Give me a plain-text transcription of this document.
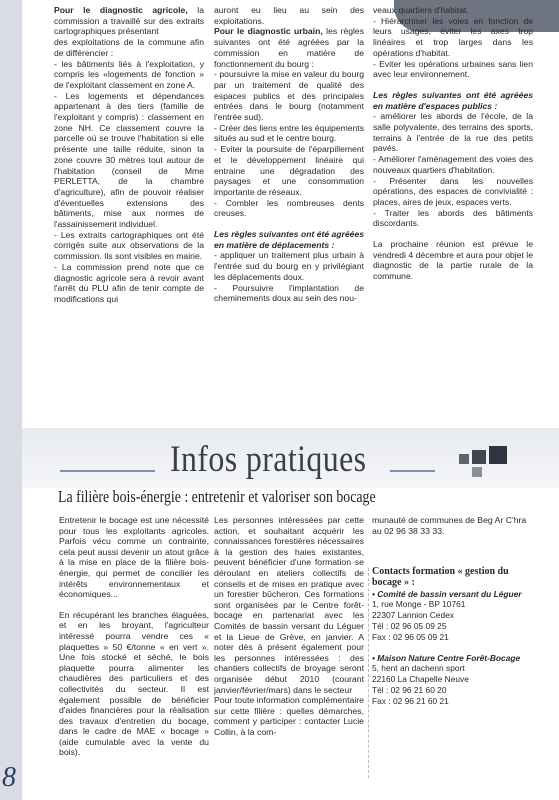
Pour le diagnostic agricole, la commission a travaillé sur des extraits cartographiques présentant

des exploitations de la commune afin de différencier :

- les bâtiments liés à l'exploitation, y compris les «logements de fonction » de l'exploitant classement en zone A.

- Les logements et dépendances appartenant à des tiers (famille de l'exploitant y compris) : classement en zone NH. Ce classement couvre la parcelle où se trouve l'habitation si elle présente une taille réduite, sinon la zone couvre 30 mètres tout autour de l'habitation (conseil de Mme PERLETTA, de la chambre d'agriculture), afin de pouvoir réaliser d'éventuelles extensions des bâtiments, mise aux normes de l'assainissement individuel.

- Les extraits cartographiques ont été corrigés suite aux observations de la commission. Ils sont visibles en mairie.

- La commission prend note que ce diagnostic agricole sera à revoir avant l'arrêt du PLU afin de tenir compte de modifications qui

auront eu lieu au sein des exploitations.

Pour le diagnostic urbain, les règles suivantes ont été agréées par la commission en matière de fonctionnement du bourg :

- poursuivre la mise en valeur du bourg par un traitement de qualité des espaces publics et des principales entrées dans le bourg (notamment l'entrée sud).

- Créer des liens entre les équipements situés au sud et le centre bourg.

- Eviter la poursuite de l'éparpillement et le développement linéaire qui entraine une dégradation des paysages et une consommation importante de réseaux.

- Combler les nombreuses dents creuses.

Les règles suivantes ont été agréées en matière de déplacements :

- appliquer un traitement plus urbain à l'entrée sud du bourg en y privilégiant les déplacements doux.

- Poursuivre l'implantation de cheminements doux au sein des nou-

veaux quartiers d'habitat.

- Hiérarchiser les voies en fonction de leurs usages, éviter les axes trop linéaires et trop larges dans les opérations d'habitat.

- Eviter les opérations urbaines sans lien avec leur environnement.

Les règles suivantes ont été agréées en matière d'espaces publics :

- améliorer les abords de l'école, de la salle polyvalente, des terrains des sports, terrains à l'entrée de la rue des petits pavés.

- Améliorer l'aménagement des voies des nouveaux quartiers d'habitation.

- Présenter dans les nouvelles opérations, des espaces de convivialité : places, aires de jeux, espaces verts.

- Traiter les abords des bâtiments discordants.

La prochaine réunion est prévue le vendredi 4 décembre et aura pour objet le diagnostic de la partie rurale de la commune.

Infos pratiques
La filière bois-énergie : entretenir et valoriser son bocage

Entretenir le bocage est une nécessité pour tous les exploitants agricoles. Parfois vécu comme un contrainte, cela peut aussi devenir un atout grâce à la mise en place de la filière bois-énergie, qui permet de concilier les intérêts environnementaux et économiques...

En récupérant les branches élaguées, et en les broyant, l'agriculteur intéressé pourra vendre ces « plaquettes » 50 €/tonne « en vert ». Une fois stocké et séché, le bois plaquette pourra alimenter les chaudières des particuliers et des collectivités du secteur. Il est également possible de bénéficier d'aides financières pour la réalisation des travaux d'entretien du bocage, dans le cadre de MAE « bocage » (aide cumulable avec la vente du bois).

Les personnes intéressées par cette action, et souhaitant acquérir les connaissances forestières nécessaires à la gestion des haies existantes, peuvent bénéficier d'une formation se déroulant en ateliers collectifs de conseils et de mises en pratique avec un forestier bûcheron. Ces formations sont organisées par le Centre forêt-bocage en partenariat avec les Comités de bassin versant du Léguer et la Lieue de Grève, en janvier. A noter dès à présent également pour les personnes intéressées : des chantiers collectifs de broyage seront organisée début 2010 (courant janvier/février/mars) dans le secteur

Pour toute information complémentaire sur cette filière : quelles démarches, comment y participer : contacter Lucie Collin, à la com-

munauté de communes de Beg Ar C'hra au 02 96 38 33 33.

Contacts formation « gestion du bocage » :
• Comité de bassin versant du Léguer
1, rue Monge - BP 10761
22307 Lannion Cedex
Tél : 02 96 05 09 25
Fax : 02 96 05 09 21
• Maison Nature Centre Forêt-Bocage
5, hent an dachenn sport
22160 La Chapelle Neuve
Tél : 02 96 21 60 20
Fax : 02 96 21 60 21
8
